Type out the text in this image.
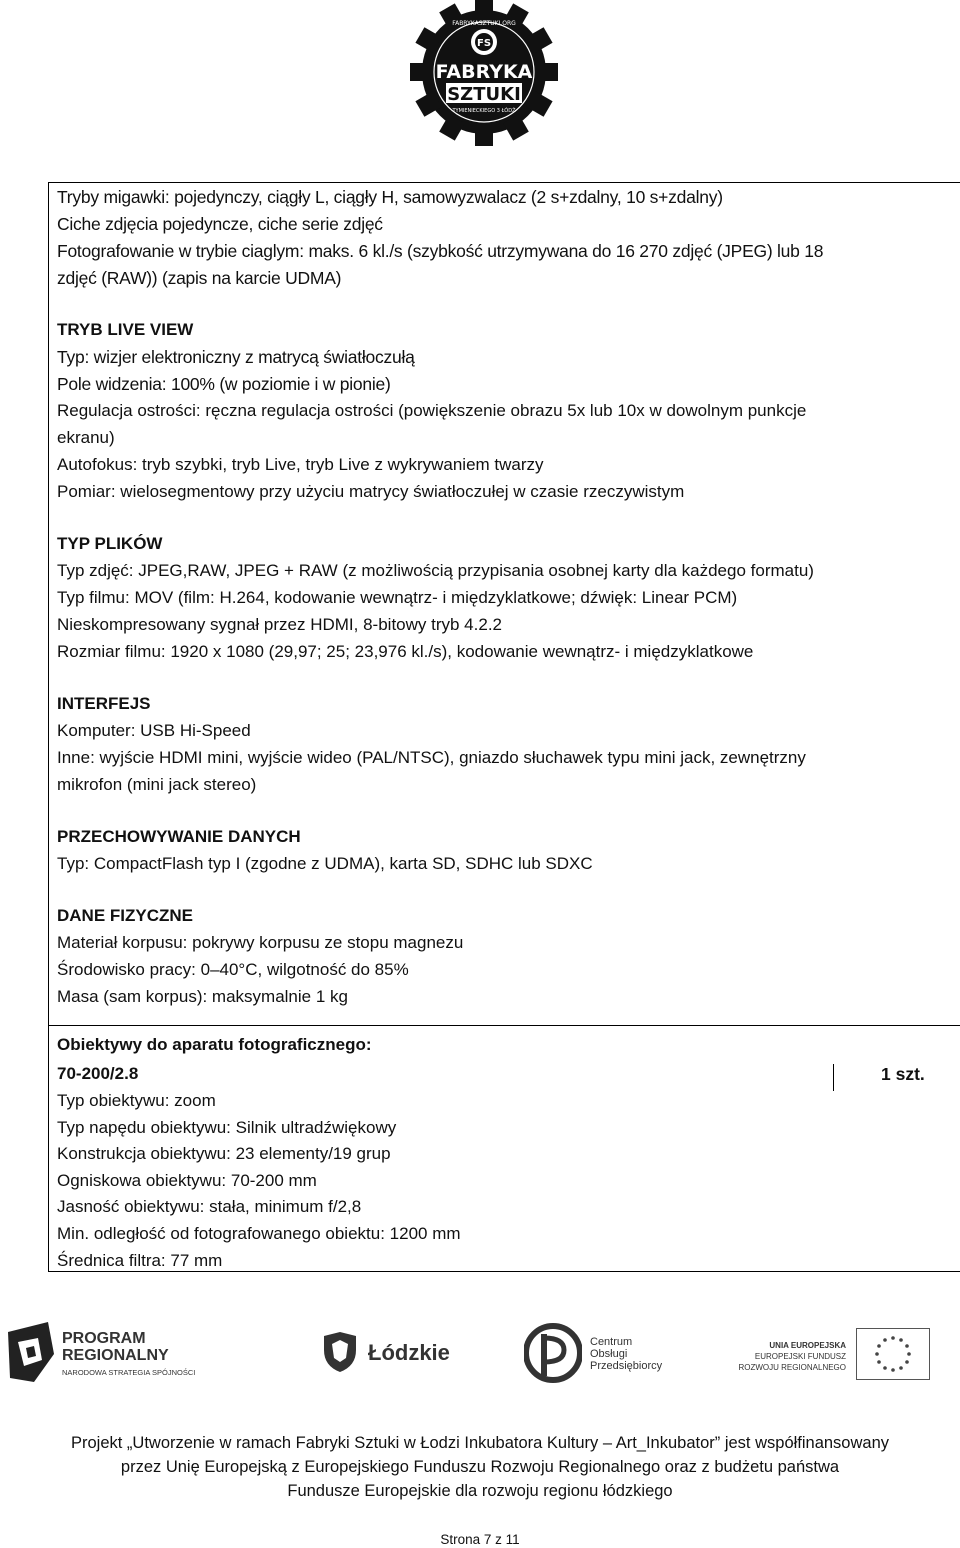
FS
FABRYKA
SZTUKI
TYMIENIECKIEGO 3 ŁÓDŹ
FABRYKASZTUKI.ORG
Tryby migawki: pojedynczy, ciągły L, ciągły H, samowyzwalacz (2 s+zdalny, 10 s+zdalny)
Ciche zdjęcia pojedyncze, ciche serie zdjęć
Fotografowanie w trybie ciaglym: maks. 6 kl./s (szybkość utrzymywana do 16 270 zdjęć (JPEG) lub 18
zdjęć (RAW)) (zapis na karcie UDMA)
TRYB LIVE VIEW
Typ: wizjer elektroniczny z matrycą światłoczułą
Pole widzenia: 100% (w poziomie i w pionie)
Regulacja ostrości: ręczna regulacja ostrości (powiększenie obrazu 5x lub 10x w dowolnym punkcje
ekranu)
Autofokus: tryb szybki, tryb Live, tryb Live z wykrywaniem twarzy
Pomiar: wielosegmentowy przy użyciu matrycy światłoczułej w czasie rzeczywistym
TYP PLIKÓW
Typ zdjęć: JPEG,RAW, JPEG + RAW (z możliwością przypisania osobnej karty dla każdego formatu)
Typ filmu: MOV (film: H.264, kodowanie wewnątrz- i międzyklatkowe; dźwięk: Linear PCM)
Nieskompresowany sygnał przez HDMI, 8-bitowy tryb 4.2.2
Rozmiar filmu: 1920 x 1080 (29,97; 25; 23,976 kl./s), kodowanie wewnątrz- i międzyklatkowe
INTERFEJS
Komputer: USB Hi-Speed
Inne: wyjście HDMI mini, wyjście wideo (PAL/NTSC), gniazdo słuchawek typu mini jack, zewnętrzny
mikrofon (mini jack stereo)
PRZECHOWYWANIE DANYCH
Typ: CompactFlash typ I (zgodne z UDMA), karta SD, SDHC lub SDXC
DANE FIZYCZNE
Materiał korpusu: pokrywy korpusu ze stopu magnezu
Środowisko pracy: 0–40°C, wilgotność do 85%
Masa (sam korpus): maksymalnie 1 kg
Obiektywy do aparatu fotograficznego:
70-200/2.8	1 szt.
Typ obiektywu: zoom
Typ napędu obiektywu: Silnik ultradźwiękowy
Konstrukcja obiektywu: 23 elementy/19 grup
Ogniskowa obiektywu: 70-200 mm
Jasność obiektywu: stała, minimum f/2,8
Min. odległość od fotografowanego obiektu: 1200 mm
Średnica filtra: 77 mm
PROGRAM
REGIONALNY
NARODOWA STRATEGIA SPÓJNOŚCI
Łódzkie	Centrum
Obsługi
Przedsiębiorcy
UNIA EUROPEJSKA
EUROPEJSKI FUNDUSZ
ROZWOJU REGIONALNEGO
Projekt „Utworzenie w ramach Fabryki Sztuki w Łodzi Inkubatora Kultury – Art_Inkubator” jest współfinansowany
przez Unię Europejską z Europejskiego Funduszu Rozwoju Regionalnego oraz z budżetu państwa
Fundusze Europejskie dla rozwoju regionu łódzkiego
Strona 7 z 11
